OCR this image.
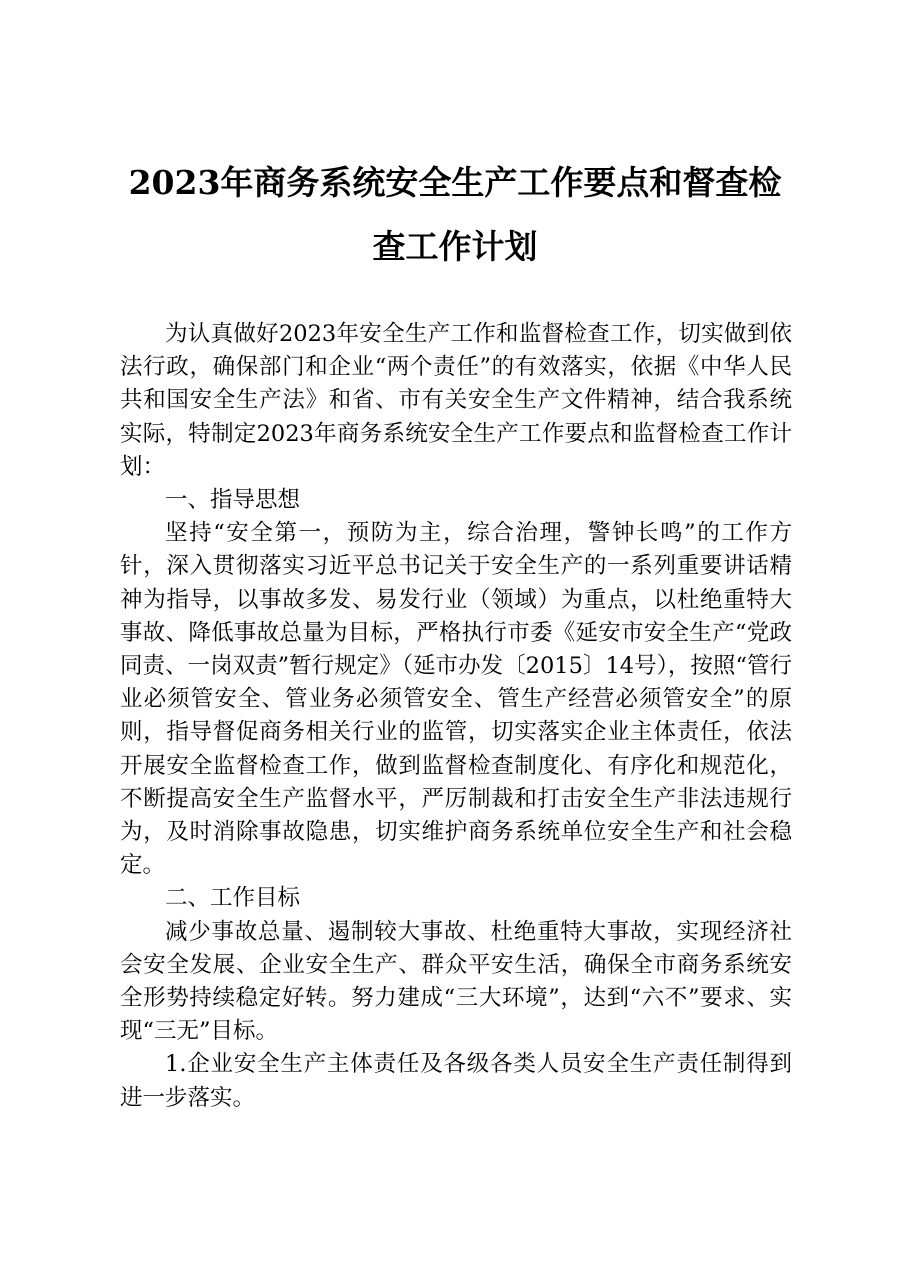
2023年商务系统安全生产工作要点和督查检
查工作计划

为认真做好2023年安全生产工作和监督检查工作，切实做到依法行政，确保部门和企业“两个责任”的有效落实，依据《中华人民共和国安全生产法》和省、市有关安全生产文件精神，结合我系统实际，特制定2023年商务系统安全生产工作要点和监督检查工作计划：

一、指导思想

坚持“安全第一，预防为主，综合治理，警钟长鸣”的工作方针，深入贯彻落实习近平总书记关于安全生产的一系列重要讲话精神为指导，以事故多发、易发行业（领域）为重点，以杜绝重特大事故、降低事故总量为目标，严格执行市委《延安市安全生产“党政同责、一岗双责”暂行规定》（延市办发〔2015〕14号），按照“管行业必须管安全、管业务必须管安全、管生产经营必须管安全”的原则，指导督促商务相关行业的监管，切实落实企业主体责任，依法开展安全监督检查工作，做到监督检查制度化、有序化和规范化，不断提高安全生产监督水平，严厉制裁和打击安全生产非法违规行为，及时消除事故隐患，切实维护商务系统单位安全生产和社会稳定。

二、工作目标

减少事故总量、遏制较大事故、杜绝重特大事故，实现经济社会安全发展、企业安全生产、群众平安生活，确保全市商务系统安全形势持续稳定好转。努力建成“三大环境”，达到“六不”要求、实现“三无”目标。

1.企业安全生产主体责任及各级各类人员安全生产责任制得到进一步落实。
